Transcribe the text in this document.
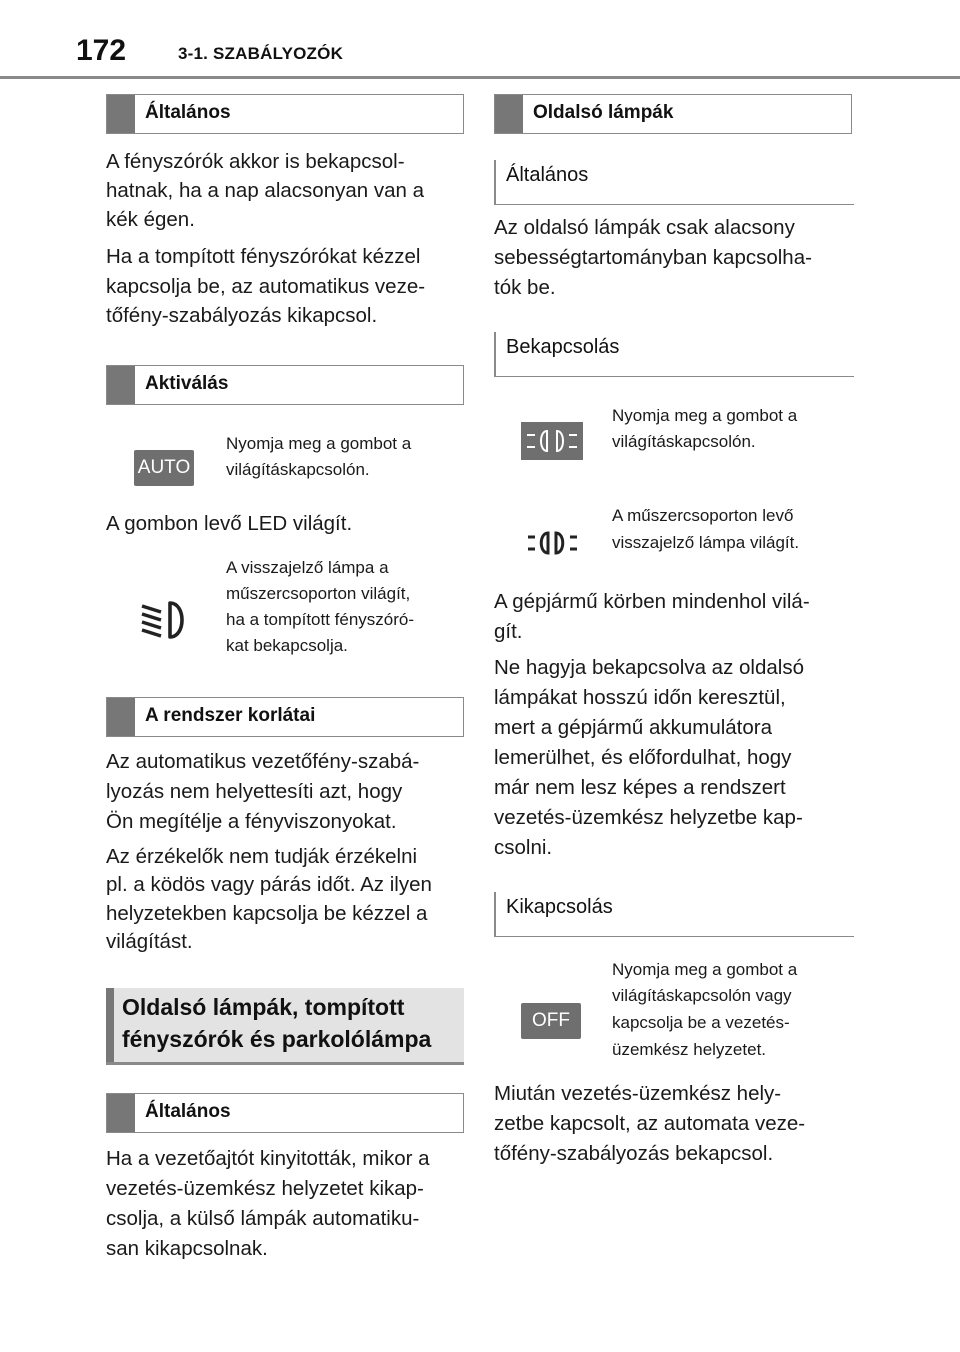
172	3-1. SZABÁLYOZÓK
Általános
A fényszórók akkor is bekapcsol-
hatnak, ha a nap alacsonyan van a
kék égen.
Ha a tompított fényszórókat kézzel
kapcsolja be, az automatikus veze-
tőfény-szabályozás kikapcsol.
Aktiválás
AUTO
Nyomja meg a gombot a
világításkapcsolón.
A gombon levő LED világít.
A visszajelző lámpa a
műszercsoporton világít,
ha a tompított fényszóró-
kat bekapcsolja.
A rendszer korlátai
Az automatikus vezetőfény-szabá-
lyozás nem helyettesíti azt, hogy
Ön megítélje a fényviszonyokat.
Az érzékelők nem tudják érzékelni
pl. a ködös vagy párás időt. Az ilyen
helyzetekben kapcsolja be kézzel a
világítást.
Oldalsó lámpák, tompított
fényszórók és parkolólámpa
Általános
Ha a vezetőajtót kinyitották, mikor a
vezetés-üzemkész helyzetet kikap-
csolja, a külső lámpák automatiku-
san kikapcsolnak.
Oldalsó lámpák
Általános
Az oldalsó lámpák csak alacsony
sebességtartományban kapcsolha-
tók be.
Bekapcsolás
Nyomja meg a gombot a
világításkapcsolón.
A műszercsoporton levő
visszajelző lámpa világít.
A gépjármű körben mindenhol vilá-
gít.
Ne hagyja bekapcsolva az oldalsó
lámpákat hosszú időn keresztül,
mert a gépjármű akkumulátora
lemerülhet, és előfordulhat, hogy
már nem lesz képes a rendszert
vezetés-üzemkész helyzetbe kap-
csolni.
Kikapcsolás
OFF
Nyomja meg a gombot a
világításkapcsolón vagy
kapcsolja be a vezetés-
üzemkész helyzetet.
Miután vezetés-üzemkész hely-
zetbe kapcsolt, az automata veze-
tőfény-szabályozás bekapcsol.
